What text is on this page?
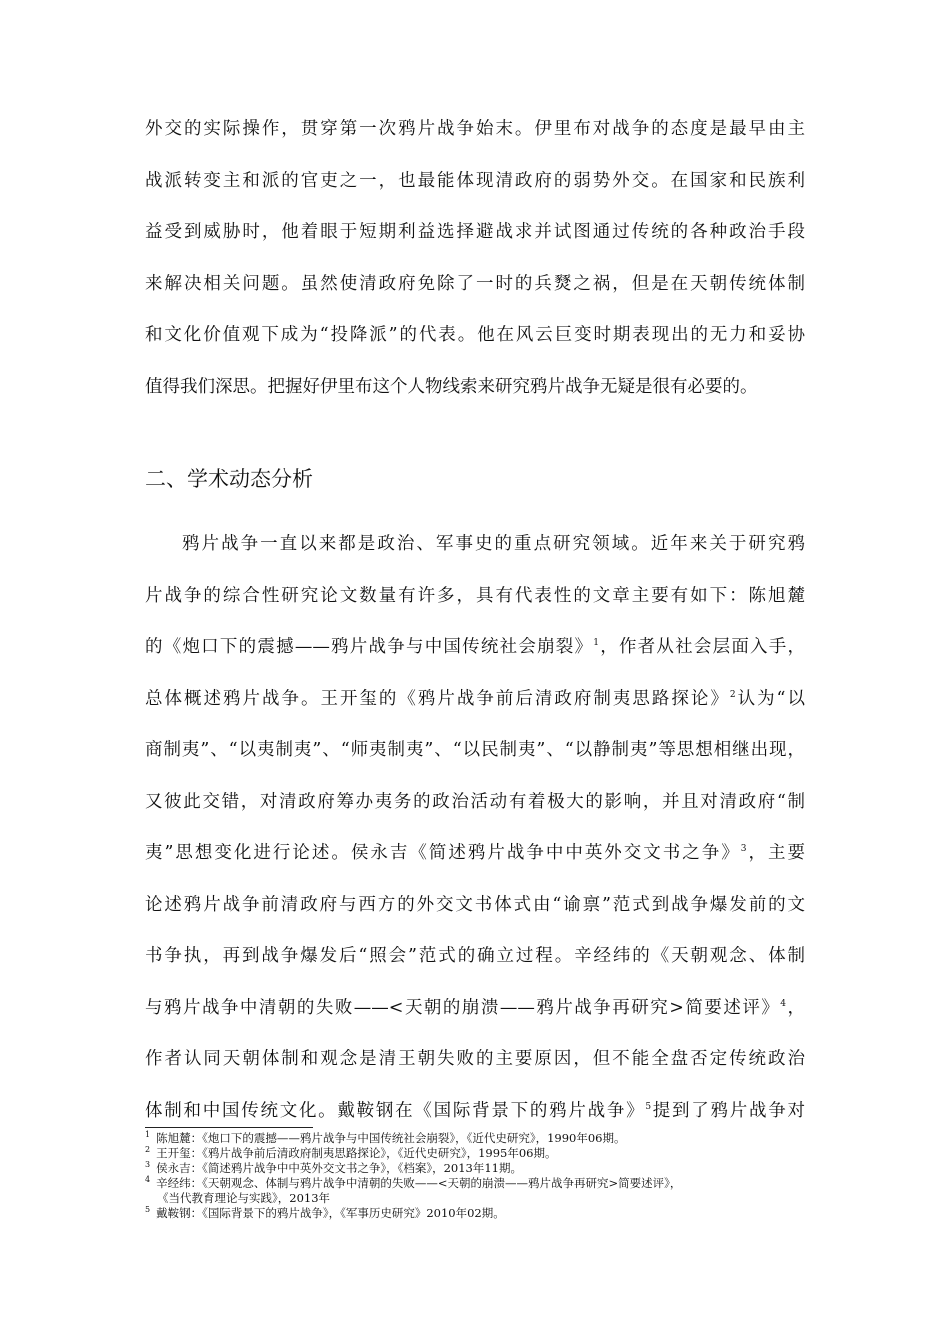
外交的实际操作，贯穿第一次鸦片战争始末。伊里布对战争的态度是最早由主
战派转变主和派的官吏之一，也最能体现清政府的弱势外交。在国家和民族利
益受到威胁时，他着眼于短期利益选择避战求并试图通过传统的各种政治手段
来解决相关问题。虽然使清政府免除了一时的兵燹之祸，但是在天朝传统体制
和文化价值观下成为“投降派”的代表。他在风云巨变时期表现出的无力和妥协
值得我们深思。把握好伊里布这个人物线索来研究鸦片战争无疑是很有必要的。
二、学术动态分析
鸦片战争一直以来都是政治、军事史的重点研究领域。近年来关于研究鸦
片战争的综合性研究论文数量有许多，具有代表性的文章主要有如下：陈旭麓
的《炮口下的震撼——鸦片战争与中国传统社会崩裂》$^1$，作者从社会层面入手，
总体概述鸦片战争。王开玺的《鸦片战争前后清政府制夷思路探论》$^2$认为“以
商制夷”、“以夷制夷”、“师夷制夷”、“以民制夷”、“以静制夷”等思想相继出现，
又彼此交错，对清政府筹办夷务的政治活动有着极大的影响，并且对清政府“制
夷”思想变化进行论述。侯永吉《简述鸦片战争中中英外交文书之争》$^3$，主要
论述鸦片战争前清政府与西方的外交文书体式由“谕禀”范式到战争爆发前的文
书争执，再到战争爆发后“照会”范式的确立过程。辛经纬的《天朝观念、体制
与鸦片战争中清朝的失败——<天朝的崩溃——鸦片战争再研究>简要述评》$^4$，
作者认同天朝体制和观念是清王朝失败的主要原因，但不能全盘否定传统政治
体制和中国传统文化。戴鞍钢在《国际背景下的鸦片战争》$^5$提到了鸦片战争对
$^1$ 陈旭麓：《炮口下的震撼——鸦片战争与中国传统社会崩裂》，《近代史研究》，1990年06期。
$^2$ 王开玺：《鸦片战争前后清政府制夷思路探论》，《近代史研究》，1995年06期。
$^3$ 侯永吉：《简述鸦片战争中中英外交文书之争》，《档案》，2013年11期。
$^4$ 辛经纬：《天朝观念、体制与鸦片战争中清朝的失败——<天朝的崩溃——鸦片战争再研究>简要述评》，
《当代教育理论与实践》，2013年
$^5$ 戴鞍钢：《国际背景下的鸦片战争》，《军事历史研究》2010年02期。
